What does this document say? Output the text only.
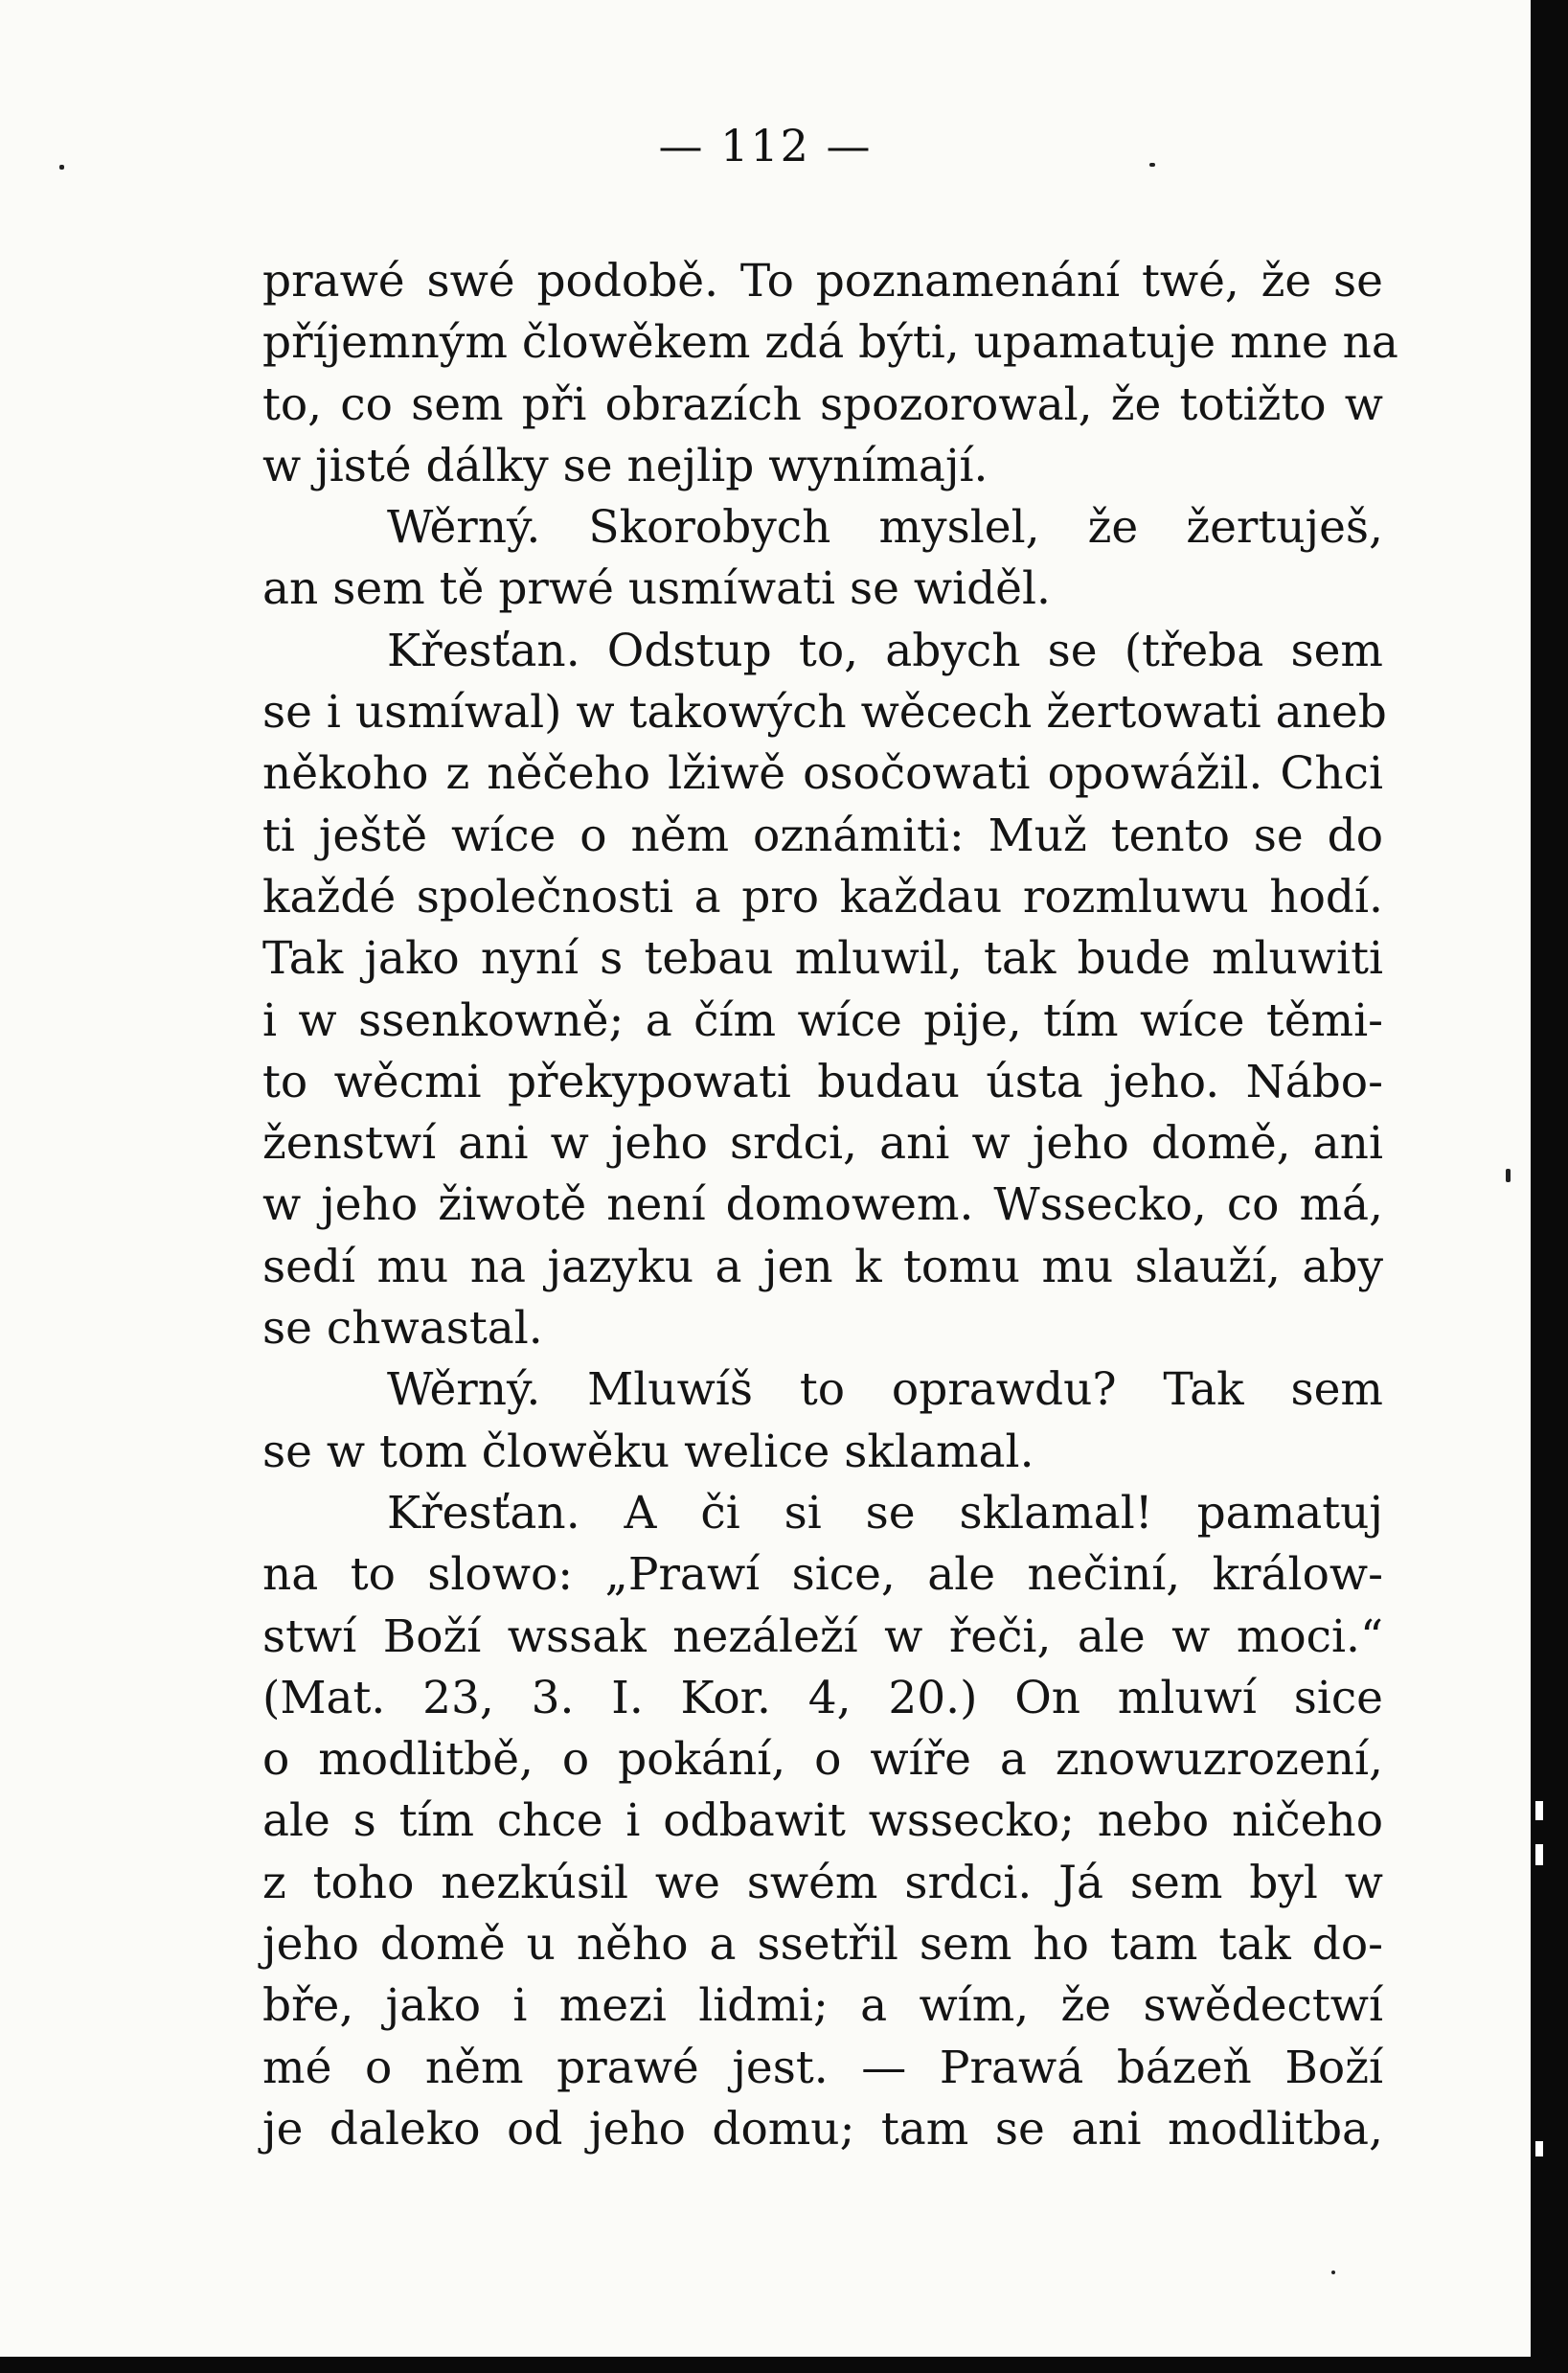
— 112 —
prawé swé podobě. To poznamenání twé, že se
příjemným člowěkem zdá býti, upamatuje mne na
to, co sem při obrazích spozorowal, že totižto w
w jisté dálky se nejlip wynímají.
Wěrný. Skorobych myslel, že žertuješ,
an sem tě prwé usmíwati se widěl.
Křesťan. Odstup to, abych se (třeba sem
se i usmíwal) w takowých wěcech žertowati aneb
někoho z něčeho lžiwě osočowati opowážil. Chci
ti ještě wíce o něm oznámiti: Muž tento se do
každé společnosti a pro každau rozmluwu hodí.
Tak jako nyní s tebau mluwil, tak bude mluwiti
i w ssenkowně; a čím wíce pije, tím wíce těmi-
to wěcmi překypowati budau ústa jeho. Nábo-
ženstwí ani w jeho srdci, ani w jeho domě, ani
w jeho žiwotě není domowem. Wssecko, co má,
sedí mu na jazyku a jen k tomu mu slauží, aby
se chwastal.
Wěrný. Mluwíš to oprawdu? Tak sem
se w tom člowěku welice sklamal.
Křesťan. A či si se sklamal! pamatuj
na to slowo: „Prawí sice, ale nečiní, králow-
stwí Boží wssak nezáleží w řeči, ale w moci.“
(Mat. 23, 3. I. Kor. 4, 20.) On mluwí sice
o modlitbě, o pokání, o wíře a znowuzrození,
ale s tím chce i odbawit wssecko; nebo ničeho
z toho nezkúsil we swém srdci. Já sem byl w
jeho domě u něho a ssetřil sem ho tam tak do-
bře, jako i mezi lidmi; a wím, že swědectwí
mé o něm prawé jest. — Prawá bázeň Boží
je daleko od jeho domu; tam se ani modlitba,
